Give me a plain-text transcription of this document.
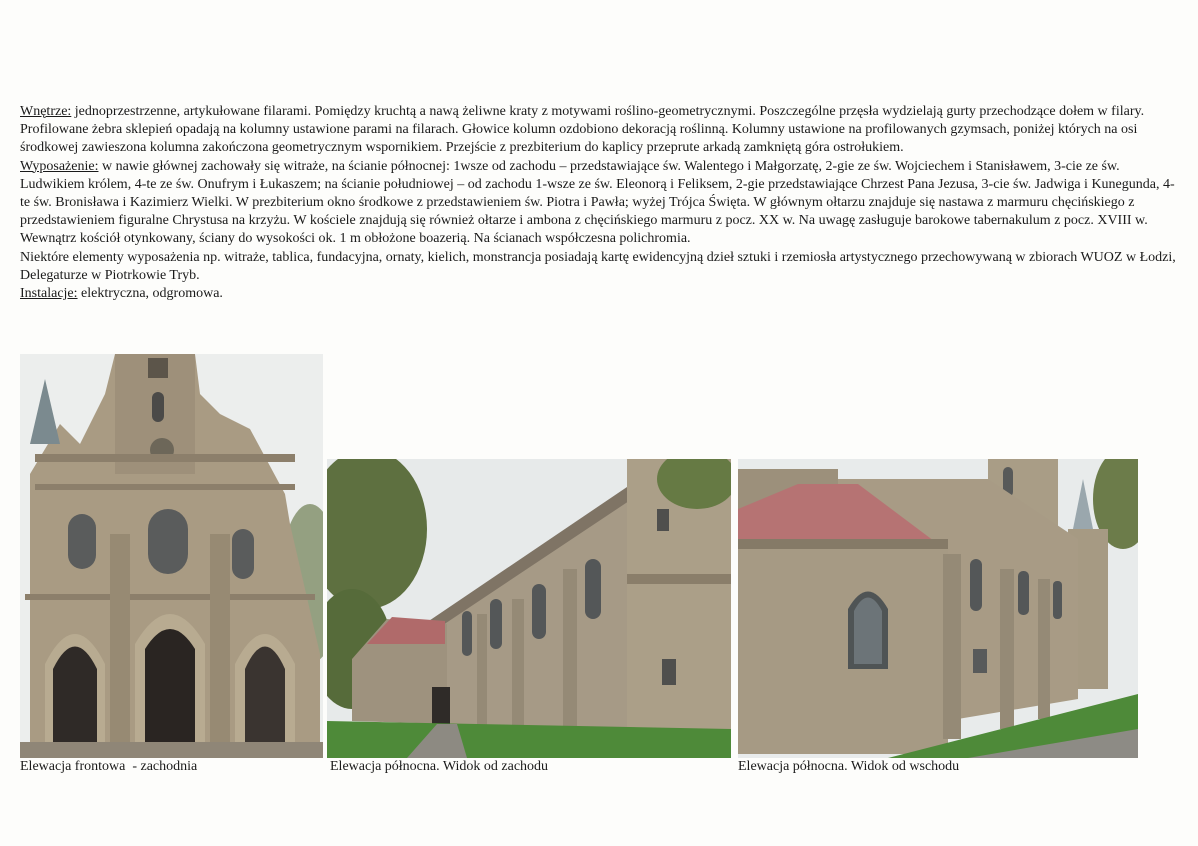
Wnętrze: jednoprzestrzenne, artykułowane filarami. Pomiędzy kruchtą a nawą żeliwne kraty z motywami roślino-geometrycznymi. Poszczególne przęsła wydzielają gurty przechodzące dołem w filary. Profilowane żebra sklepień opadają na kolumny ustawione parami na filarach. Głowice kolumn ozdobiono dekoracją roślinną. Kolumny ustawione na profilowanych gzymsach, poniżej których na osi środkowej zawieszona kolumna zakończona geometrycznym wspornikiem. Przejście z prezbiterium do kaplicy przeprute arkadą zamkniętą góra ostrołukiem.

Wyposażenie: w nawie głównej zachowały się witraże, na ścianie północnej: 1wsze od zachodu – przedstawiające św. Walentego i Małgorzatę, 2-gie ze św. Wojciechem i Stanisławem, 3-cie ze św. Ludwikiem królem, 4-te ze św. Onufrym i Łukaszem; na ścianie południowej – od zachodu 1-wsze ze św. Eleonorą i Feliksem, 2-gie przedstawiające Chrzest Pana Jezusa, 3-cie św. Jadwiga i Kunegunda, 4-te św. Bronisława i Kazimierz Wielki. W prezbiterium okno środkowe z przedstawieniem św. Piotra i Pawła; wyżej Trójca Święta. W głównym ołtarzu znajduje się nastawa z marmuru chęcińskiego z przedstawieniem figuralne Chrystusa na krzyżu. W kościele znajdują się również ołtarze i ambona z chęcińskiego marmuru z pocz. XX w. Na uwagę zasługuje barokowe tabernakulum z pocz. XVIII w. Wewnątrz kościół otynkowany, ściany do wysokości ok. 1 m obłożone boazerią. Na ścianach współczesna polichromia.

Niektóre elementy wyposażenia np. witraże, tablica, fundacyjna, ornaty, kielich, monstrancja posiadają kartę ewidencyjną dzieł sztuki i rzemiosła artystycznego przechowywaną w zbiorach WUOZ w Łodzi, Delegaturze w Piotrkowie Tryb.

Instalacje: elektryczna, odgromowa.

Elewacja frontowa  - zachodnia	Elewacja północna. Widok od zachodu	Elewacja północna. Widok od wschodu
